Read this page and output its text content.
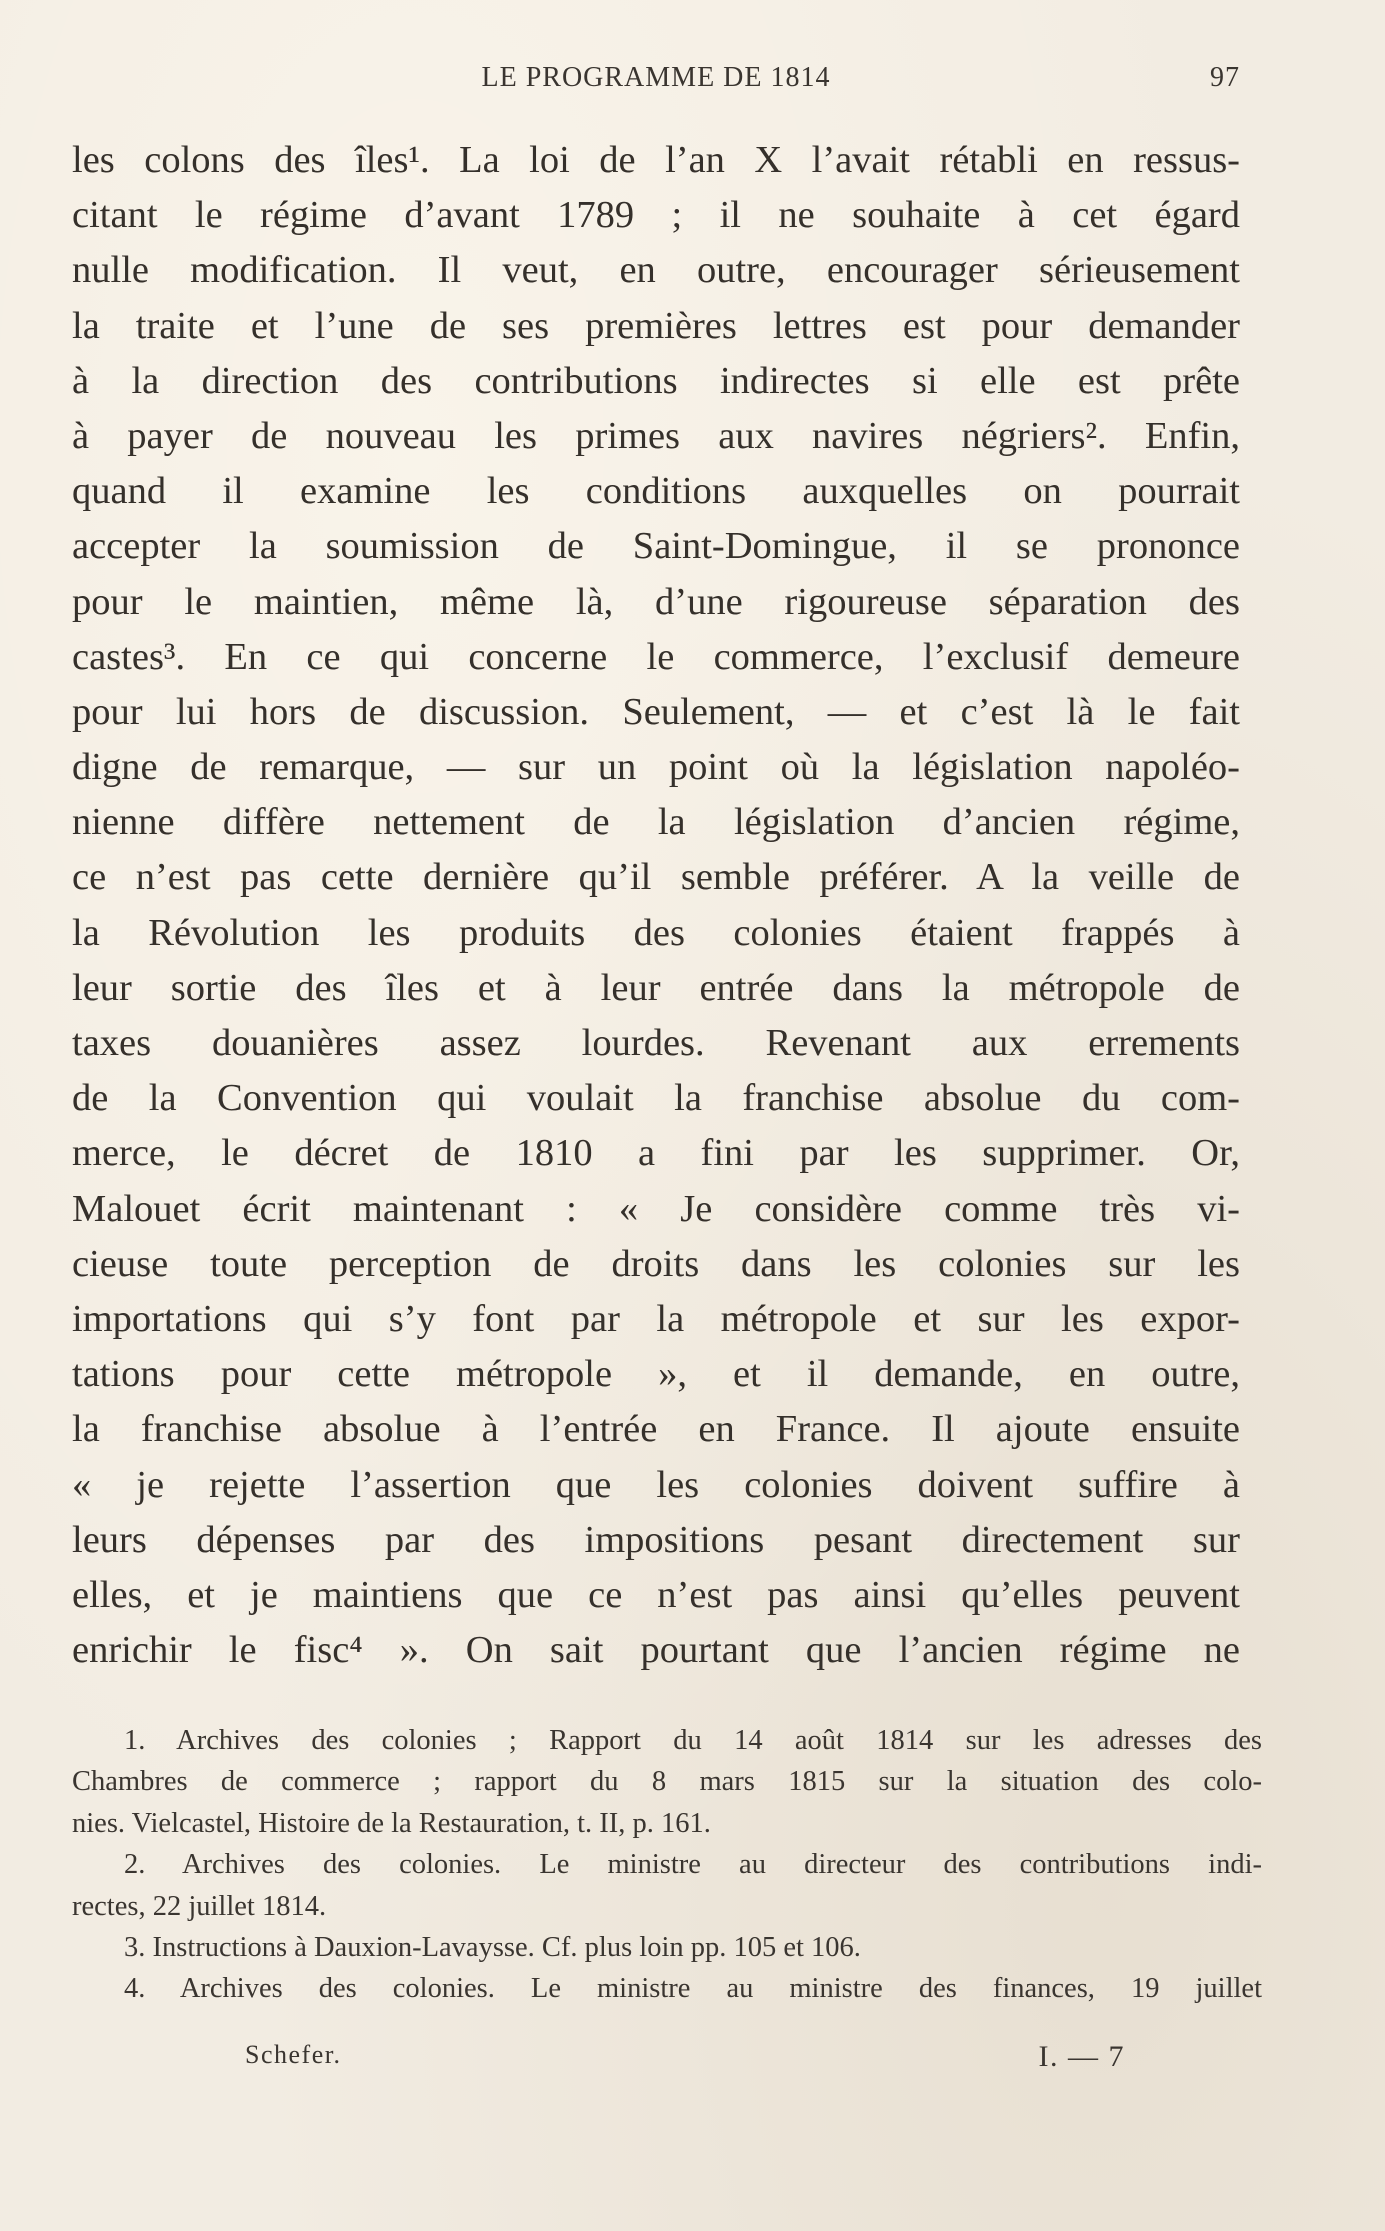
LE PROGRAMME DE 1814	97
les colons des îles¹. La loi de l’an X l’avait rétabli en ressus-
citant le régime d’avant 1789 ; il ne souhaite à cet égard
nulle modification. Il veut, en outre, encourager sérieusement
la traite et l’une de ses premières lettres est pour demander
à la direction des contributions indirectes si elle est prête
à payer de nouveau les primes aux navires négriers². Enfin,
quand il examine les conditions auxquelles on pourrait
accepter la soumission de Saint-Domingue, il se prononce
pour le maintien, même là, d’une rigoureuse séparation des
castes³. En ce qui concerne le commerce, l’exclusif demeure
pour lui hors de discussion. Seulement, — et c’est là le fait
digne de remarque, — sur un point où la législation napoléo-
nienne diffère nettement de la législation d’ancien régime,
ce n’est pas cette dernière qu’il semble préférer. A la veille de
la Révolution les produits des colonies étaient frappés à
leur sortie des îles et à leur entrée dans la métropole de
taxes douanières assez lourdes. Revenant aux errements
de la Convention qui voulait la franchise absolue du com-
merce, le décret de 1810 a fini par les supprimer. Or,
Malouet écrit maintenant : « Je considère comme très vi-
cieuse toute perception de droits dans les colonies sur les
importations qui s’y font par la métropole et sur les expor-
tations pour cette métropole », et il demande, en outre,
la franchise absolue à l’entrée en France. Il ajoute ensuite
« je rejette l’assertion que les colonies doivent suffire à
leurs dépenses par des impositions pesant directement sur
elles, et je maintiens que ce n’est pas ainsi qu’elles peuvent
enrichir le fisc⁴ ». On sait pourtant que l’ancien régime ne
1. Archives des colonies ; Rapport du 14 août 1814 sur les adresses des
Chambres de commerce ; rapport du 8 mars 1815 sur la situation des colo-
nies. Vielcastel, Histoire de la Restauration, t. II, p. 161.
2. Archives des colonies. Le ministre au directeur des contributions indi-
rectes, 22 juillet 1814.
3. Instructions à Dauxion-Lavaysse. Cf. plus loin pp. 105 et 106.
4. Archives des colonies. Le ministre au ministre des finances, 19 juillet
Schefer.	I. — 7
